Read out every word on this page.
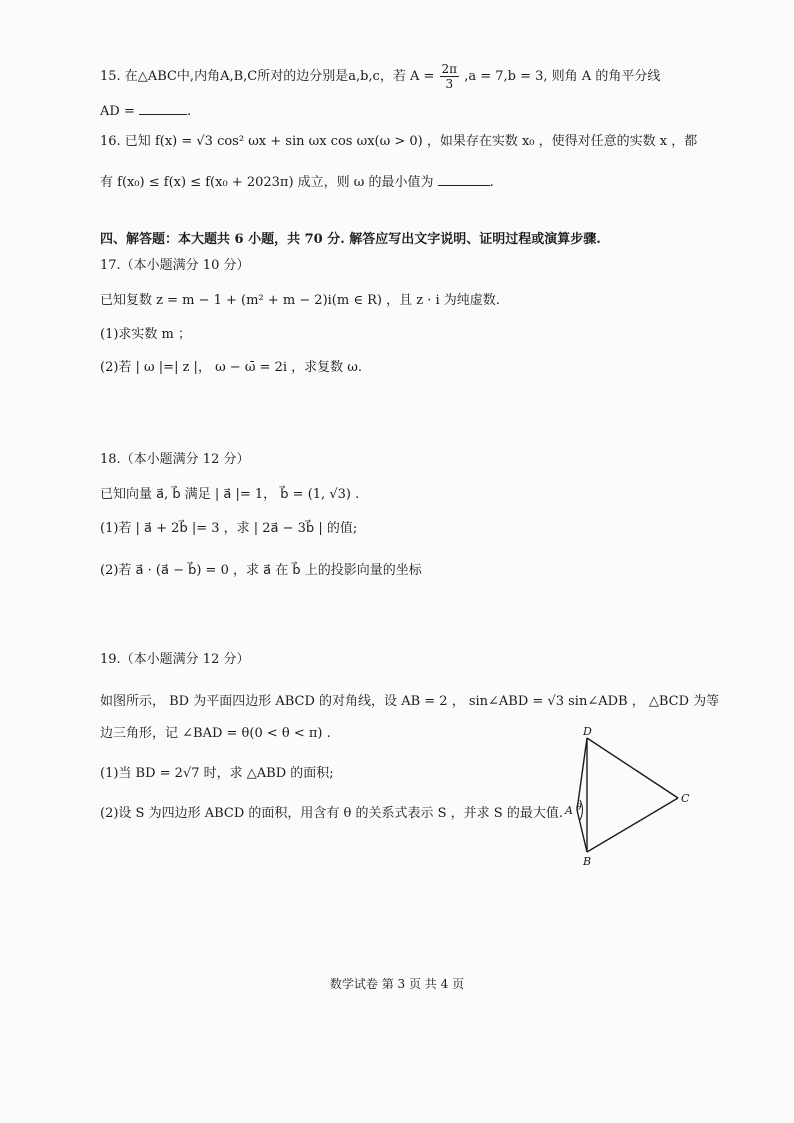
15. 在△ABC中,内角A,B,C所对的边分别是a,b,c，若 $A = \frac{2\pi}{3} ,a = 7,b = 3$, 则角 A 的角平分线
AD =	.
16. 已知 f(x) = √3 cos² ωx + sin ωx cos ωx(ω > 0) ，如果存在实数 x₀ ，使得对任意的实数 x ，都
有 f(x₀) ≤ f(x) ≤ f(x₀ + 2023π) 成立，则 ω 的最小值为	.
四、解答题：本大题共 6 小题，共 70 分. 解答应写出文字说明、证明过程或演算步骤.
17.（本小题满分 10 分）
已知复数 z = m − 1 + (m² + m − 2)i(m ∈ R) ，且 z · i 为纯虚数.
(1)求实数 m ；
(2)若 | ω |=| z |， ω − ω̄ = 2i ，求复数 ω.
18.（本小题满分 12 分）
已知向量 a⃗, b⃗ 满足 | a⃗ |= 1， b⃗ = (1, √3) .
(1)若 | a⃗ + 2b⃗ |= 3 ，求 | 2a⃗ − 3b⃗ | 的值;
(2)若 a⃗ · (a⃗ − b⃗) = 0 ，求 a⃗ 在 b⃗ 上的投影向量的坐标
19.（本小题满分 12 分）
如图所示， BD 为平面四边形 ABCD 的对角线，设 AB = 2 ， sin∠ABD = √3 sin∠ADB ， △BCD 为等
边三角形，记 ∠BAD = θ(0 < θ < π) .
(1)当 BD = 2√7 时，求 △ABD 的面积;
(2)设 S 为四边形 ABCD 的面积，用含有 θ 的关系式表示 S ，并求 S 的最大值.
D
A θ
C
B
数学试卷 第 3 页 共 4 页
